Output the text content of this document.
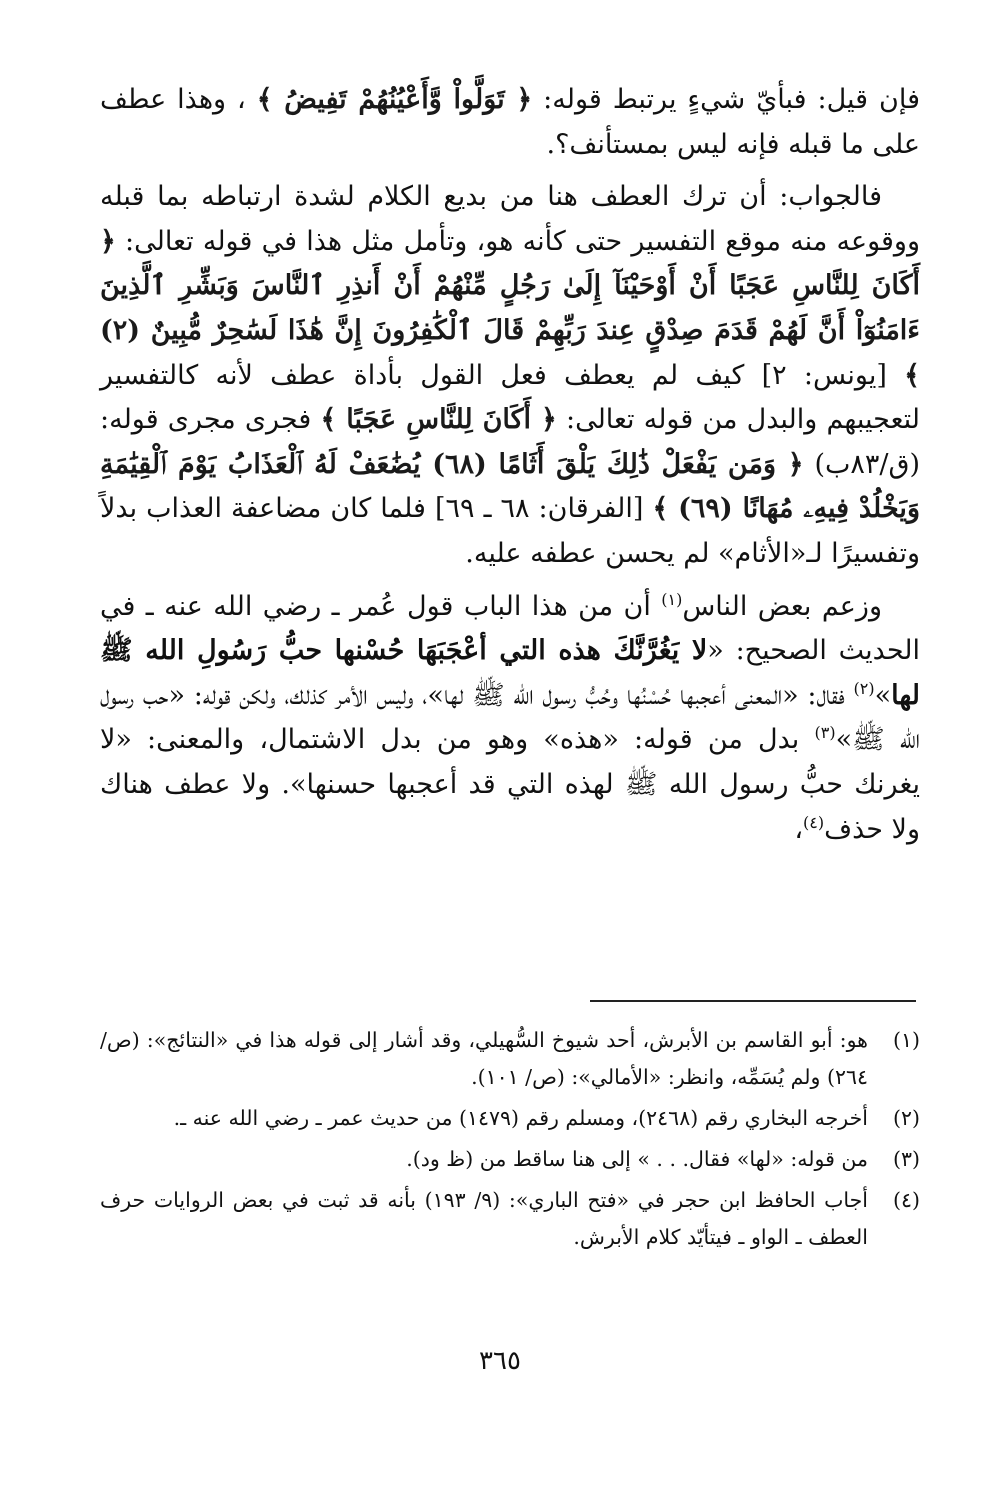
فإن قيل: فبأيّ شيءٍ يرتبط قوله: ﴿ تَوَلَّواْ وَّأَعْيُنُهُمْ تَفِيضُ ﴾ ، وهذا عطف على ما قبله فإنه ليس بمستأنف؟.

فالجواب: أن ترك العطف هنا من بديع الكلام لشدة ارتباطه بما قبله ووقوعه منه موقع التفسير حتى كأنه هو، وتأمل مثل هذا في قوله تعالى: ﴿ أَكَانَ لِلنَّاسِ عَجَبًا أَنْ أَوْحَيْنَآ إِلَىٰ رَجُلٍ مِّنْهُمْ أَنْ أَنذِرِ ٱلنَّاسَ وَبَشِّرِ ٱلَّذِينَ ءَامَنُوٓاْ أَنَّ لَهُمْ قَدَمَ صِدْقٍ عِندَ رَبِّهِمْ قَالَ ٱلْكَٰفِرُونَ إِنَّ هَٰذَا لَسَٰحِرٌ مُّبِينٌ (٢) ﴾ [يونس: ٢] كيف لم يعطف فعل القول بأداة عطف لأنه كالتفسير لتعجيبهم والبدل من قوله تعالى: ﴿ أَكَانَ لِلنَّاسِ عَجَبًا ﴾ فجرى مجرى قوله: (ق/٨٣ب) ﴿ وَمَن يَفْعَلْ ذَٰلِكَ يَلْقَ أَثَامًا (٦٨) يُضَٰعَفْ لَهُ ٱلْعَذَابُ يَوْمَ ٱلْقِيَٰمَةِ وَيَخْلُدْ فِيهِۦ مُهَانًا (٦٩) ﴾ [الفرقان: ٦٨ ـ ٦٩] فلما كان مضاعفة العذاب بدلاً وتفسيرًا لـ«الأثام» لم يحسن عطفه عليه.

وزعم بعض الناس$^{(١)}$ أن من هذا الباب قول عُمر ـ رضي الله عنه ـ في الحديث الصحيح: «لا يَغُرَّنَّكَ هذه التي أعْجَبَهَا حُسْنها حبُّ رَسُولِ الله ﷺ لها»$^{(٢)}$ فقال: «المعنى أعجبها حُسْنُها وحُبُّ رسول الله ﷺ لها»، وليس الأمر كذلك، ولكن قوله: «حب رسول الله ﷺ»$^{(٣)}$ بدل من قوله: «هذه» وهو من بدل الاشتمال، والمعنى: «لا يغرنك حبُّ رسول الله ﷺ لهذه التي قد أعجبها حسنها». ولا عطف هناك ولا حذف$^{(٤)}$،

(١)
هو: أبو القاسم بن الأبرش، أحد شيوخ السُّهيلي، وقد أشار إلى قوله هذا في «النتائج»: (ص/ ٢٦٤) ولم يُسَمِّه، وانظر: «الأمالي»: (ص/ ١٠١).
(٢)
أخرجه البخاري رقم (٢٤٦٨)، ومسلم رقم (١٤٧٩) من حديث عمر ـ رضي الله عنه ـ.
(٣)
من قوله: «لها» فقال. . . » إلى هنا ساقط من (ظ ود).
(٤)
أجاب الحافظ ابن حجر في «فتح الباري»: (٩/ ١٩٣) بأنه قد ثبت في بعض الروايات حرف العطف ـ الواو ـ فيتأيّد كلام الأبرش.
٣٦٥
